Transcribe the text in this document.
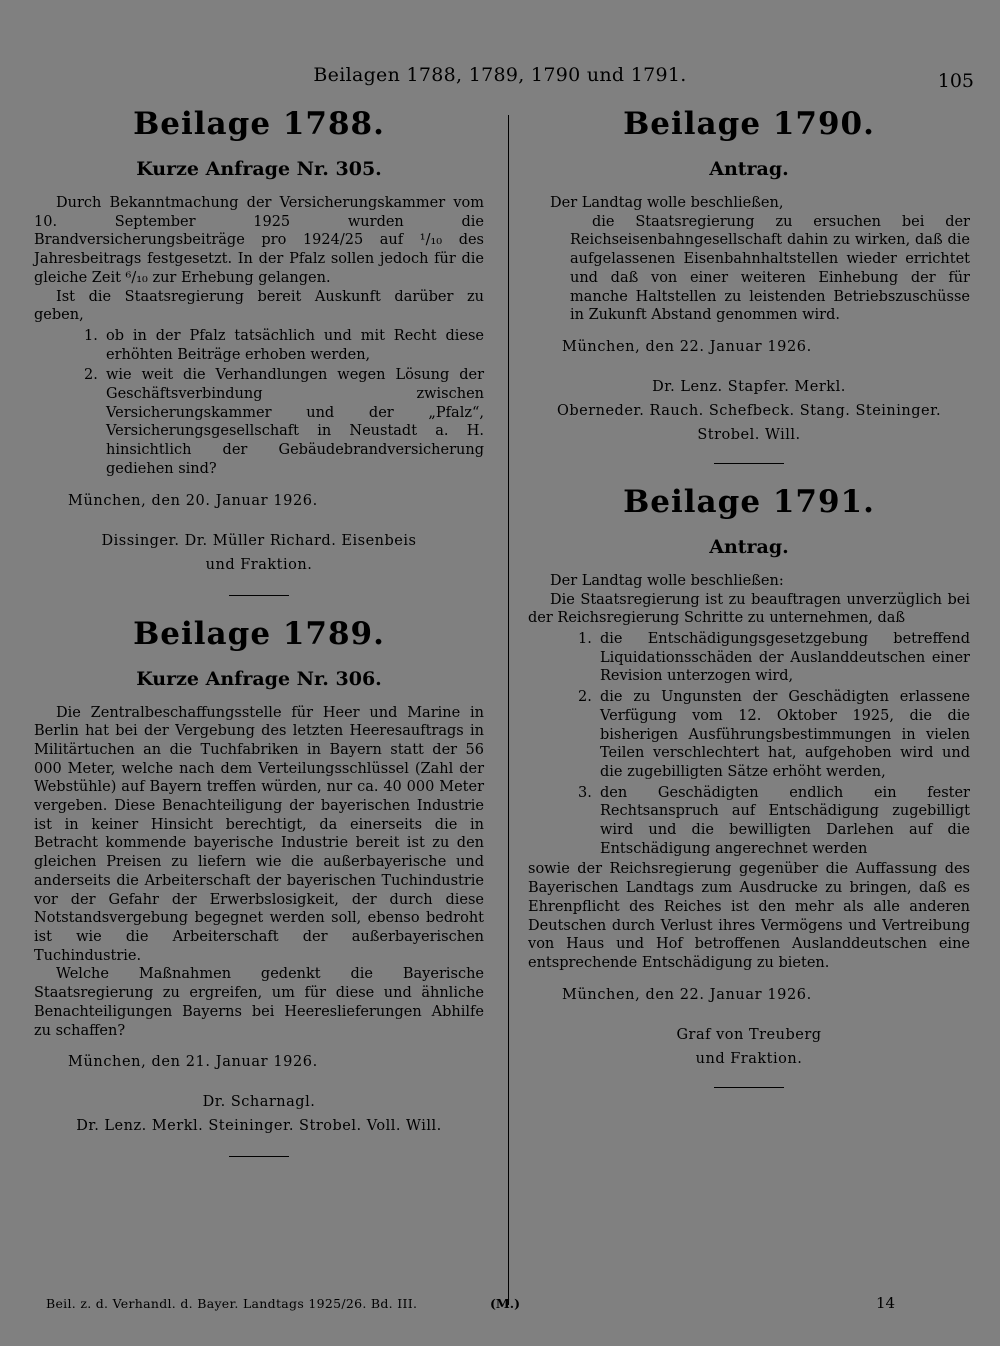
Beilagen 1788, 1789, 1790 und 1791.	105
Beilage 1788.
Kurze Anfrage Nr. 305.

Durch Bekanntmachung der Versicherungskammer vom 10. September 1925 wurden die Brandversicherungsbeiträge pro 1924/25 auf ¹/₁₀ des Jahresbeitrags festgesetzt. In der Pfalz sollen jedoch für die gleiche Zeit ⁶/₁₀ zur Erhebung gelangen.

Ist die Staatsregierung bereit Auskunft darüber zu geben,

1. ob in der Pfalz tatsächlich und mit Recht diese erhöhten Beiträge erhoben werden,
2. wie weit die Verhandlungen wegen Lösung der Geschäftsverbindung zwischen Versicherungskammer und der „Pfalz“, Versicherungsgesellschaft in Neustadt a. H. hinsichtlich der Gebäudebrandversicherung gediehen sind?
München, den 20. Januar 1926.
Dissinger. Dr. Müller Richard. Eisenbeis
und Fraktion.
Beilage 1789.
Kurze Anfrage Nr. 306.

Die Zentralbeschaffungsstelle für Heer und Marine in Berlin hat bei der Vergebung des letzten Heeresauftrags in Militärtuchen an die Tuchfabriken in Bayern statt der 56 000 Meter, welche nach dem Verteilungsschlüssel (Zahl der Webstühle) auf Bayern treffen würden, nur ca. 40 000 Meter vergeben. Diese Benachteiligung der bayerischen Industrie ist in keiner Hinsicht berechtigt, da einerseits die in Betracht kommende bayerische Industrie bereit ist zu den gleichen Preisen zu liefern wie die außerbayerische und anderseits die Arbeiterschaft der bayerischen Tuchindustrie vor der Gefahr der Erwerbslosigkeit, der durch diese Notstandsvergebung begegnet werden soll, ebenso bedroht ist wie die Arbeiterschaft der außerbayerischen Tuchindustrie.

Welche Maßnahmen gedenkt die Bayerische Staatsregierung zu ergreifen, um für diese und ähnliche Benachteiligungen Bayerns bei Heereslieferungen Abhilfe zu schaffen?

München, den 21. Januar 1926.
Dr. Scharnagl.
Dr. Lenz. Merkl. Steininger. Strobel. Voll. Will.
Beilage 1790.
Antrag.

Der Landtag wolle beschließen,

die Staatsregierung zu ersuchen bei der Reichseisenbahngesellschaft dahin zu wirken, daß die aufgelassenen Eisenbahnhaltstellen wieder errichtet und daß von einer weiteren Einhebung der für manche Haltstellen zu leistenden Betriebszuschüsse in Zukunft Abstand genommen wird.

München, den 22. Januar 1926.
Dr. Lenz. Stapfer. Merkl.
Oberneder. Rauch. Schefbeck. Stang. Steininger. Strobel. Will.
Beilage 1791.
Antrag.

Der Landtag wolle beschließen:

Die Staatsregierung ist zu beauftragen unverzüglich bei der Reichsregierung Schritte zu unternehmen, daß

1. die Entschädigungsgesetzgebung betreffend Liquidationsschäden der Auslanddeutschen einer Revision unterzogen wird,
2. die zu Ungunsten der Geschädigten erlassene Verfügung vom 12. Oktober 1925, die die bisherigen Ausführungsbestimmungen in vielen Teilen verschlechtert hat, aufgehoben wird und die zugebilligten Sätze erhöht werden,
3. den Geschädigten endlich ein fester Rechtsanspruch auf Entschädigung zugebilligt wird und die bewilligten Darlehen auf die Entschädigung angerechnet werden

sowie der Reichsregierung gegenüber die Auffassung des Bayerischen Landtags zum Ausdrucke zu bringen, daß es Ehrenpflicht des Reiches ist den mehr als alle anderen Deutschen durch Verlust ihres Vermögens und Vertreibung von Haus und Hof betroffenen Auslanddeutschen eine entsprechende Entschädigung zu bieten.

München, den 22. Januar 1926.
Graf von Treuberg
und Fraktion.
Beil. z. d. Verhandl. d. Bayer. Landtags 1925/26. Bd. III.	(M.)	14
